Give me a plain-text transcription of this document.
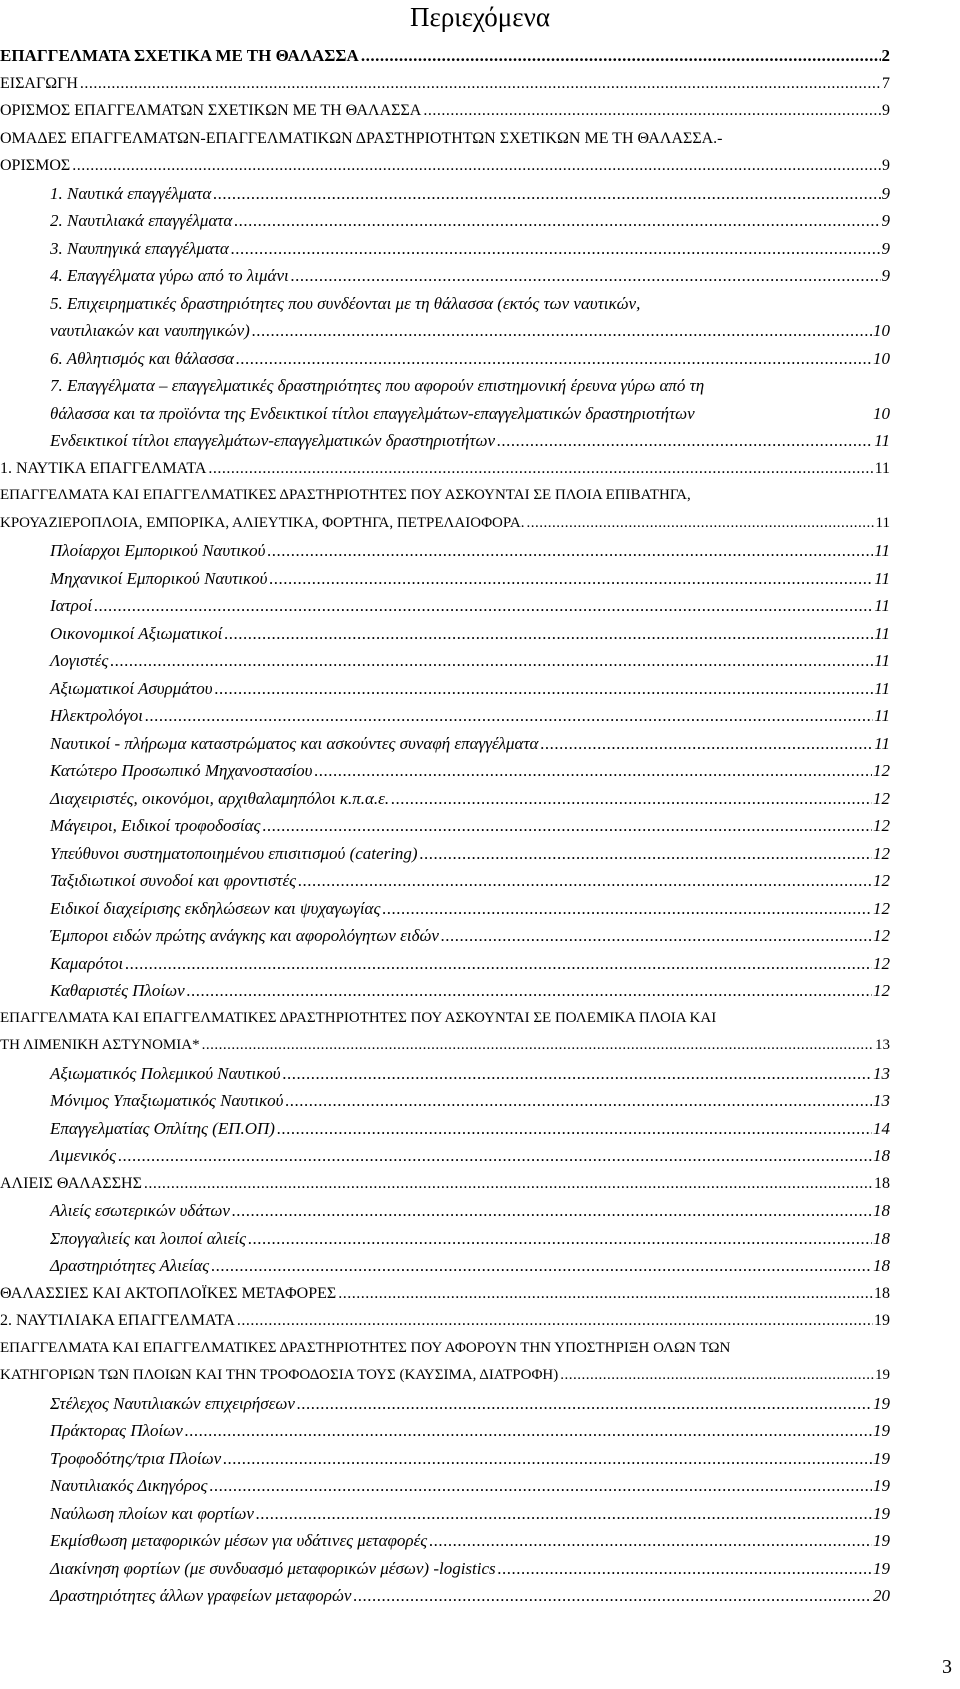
Περιεχόμενα
ΕΠΑΓΓΕΛΜΑΤΑ ΣΧΕΤΙΚΑ ΜΕ ΤΗ ΘΑΛΑΣΣΑ .....	2
ΕΙΣΑΓΩΓΗ .....	7
ΟΡΙΣΜΟΣ ΕΠΑΓΓΕΛΜΑΤΩΝ ΣΧΕΤΙΚΩΝ ΜΕ ΤΗ ΘΑΛΑΣΣΑ .....	9
ΟΜΑΔΕΣ ΕΠΑΓΓΕΛΜΑΤΩΝ-ΕΠΑΓΓΕΛΜΑΤΙΚΩΝ ΔΡΑΣΤΗΡΙΟΤΗΤΩΝ ΣΧΕΤΙΚΩΝ ΜΕ ΤΗ ΘΑΛΑΣΣΑ.-
ΟΡΙΣΜΟΣ .....	9
1. Ναυτικά επαγγέλματα .....	9
2. Ναυτιλιακά επαγγέλματα .....	9
3. Ναυπηγικά επαγγέλματα .....	9
4. Επαγγέλματα γύρω από το λιμάνι .....	9
5. Επιχειρηματικές δραστηριότητες που συνδέονται με τη θάλασσα (εκτός των ναυτικών,
ναυτιλιακών και ναυπηγικών) .....	10
6. Αθλητισμός και θάλασσα .....	10
7. Επαγγέλματα – επαγγελματικές δραστηριότητες που αφορούν επιστημονική έρευνα γύρω από τη
θάλασσα και τα προϊόντα της Ενδεικτικοί τίτλοι επαγγελμάτων-επαγγελματικών δραστηριοτήτων	10
Ενδεικτικοί τίτλοι επαγγελμάτων-επαγγελματικών δραστηριοτήτων .....	11
1. ΝΑΥΤΙΚΑ ΕΠΑΓΓΕΛΜΑΤΑ .....	11
ΕΠΑΓΓΕΛΜΑΤΑ ΚΑΙ ΕΠΑΓΓΕΛΜΑΤΙΚΕΣ ΔΡΑΣΤΗΡΙΟΤΗΤΕΣ ΠΟΥ ΑΣΚΟΥΝΤΑΙ ΣΕ ΠΛΟΙΑ ΕΠΙΒΑΤΗΓΑ,
ΚΡΟΥΑΖΙΕΡΟΠΛΟΙΑ, ΕΜΠΟΡΙΚΑ, ΑΛΙΕΥΤΙΚΑ, ΦΟΡΤΗΓΑ, ΠΕΤΡΕΛΑΙΟΦΟΡΑ. .....	11
Πλοίαρχοι Εμπορικού Ναυτικού .....	11
Μηχανικοί Εμπορικού Ναυτικού .....	11
Ιατροί .....	11
Οικονομικοί Αξιωματικοί .....	11
Λογιστές .....	11
Αξιωματικοί Ασυρμάτου .....	11
Ηλεκτρολόγοι .....	11
Ναυτικοί - πλήρωμα καταστρώματος και ασκούντες συναφή επαγγέλματα .....	11
Κατώτερο Προσωπικό Μηχανοστασίου .....	12
Διαχειριστές, οικονόμοι, αρχιθαλαμηπόλοι κ.π.α.ε. .....	12
Μάγειροι, Ειδικοί τροφοδοσίας .....	12
Υπεύθυνοι συστηματοποιημένου επισιτισμού (catering) .....	12
Ταξιδιωτικοί συνοδοί και φροντιστές .....	12
Ειδικοί διαχείρισης εκδηλώσεων και ψυχαγωγίας .....	12
Έμποροι ειδών πρώτης ανάγκης και αφορολόγητων ειδών .....	12
Καμαρότοι .....	12
Καθαριστές Πλοίων .....	12
ΕΠΑΓΓΕΛΜΑΤΑ ΚΑΙ ΕΠΑΓΓΕΛΜΑΤΙΚΕΣ ΔΡΑΣΤΗΡΙΟΤΗΤΕΣ ΠΟΥ ΑΣΚΟΥΝΤΑΙ ΣΕ ΠΟΛΕΜΙΚΑ ΠΛΟΙΑ ΚΑΙ
ΤΗ ΛΙΜΕΝΙΚΗ ΑΣΤΥΝΟΜΙΑ* .....	13
Αξιωματικός Πολεμικού Ναυτικού .....	13
Μόνιμος Υπαξιωματικός Ναυτικού .....	13
Επαγγελματίας Οπλίτης (ΕΠ.ΟΠ) .....	14
Λιμενικός .....	18
ΑΛΙΕΙΣ ΘΑΛΑΣΣΗΣ .....	18
Αλιείς εσωτερικών υδάτων .....	18
Σπογγαλιείς και λοιποί αλιείς .....	18
Δραστηριότητες Αλιείας .....	18
ΘΑΛΑΣΣΙΕΣ ΚΑΙ ΑΚΤΟΠΛΟΪΚΕΣ ΜΕΤΑΦΟΡΕΣ .....	18
2. ΝΑΥΤΙΛΙΑΚΑ ΕΠΑΓΓΕΛΜΑΤΑ .....	19
ΕΠΑΓΓΕΛΜΑΤΑ ΚΑΙ ΕΠΑΓΓΕΛΜΑΤΙΚΕΣ ΔΡΑΣΤΗΡΙΟΤΗΤΕΣ ΠΟΥ ΑΦΟΡΟΥΝ ΤΗΝ ΥΠΟΣΤΗΡΙΞΗ ΟΛΩΝ ΤΩΝ
ΚΑΤΗΓΟΡΙΩΝ ΤΩΝ ΠΛΟΙΩΝ ΚΑΙ ΤΗΝ ΤΡΟΦΟΔΟΣΙΑ ΤΟΥΣ (ΚΑΥΣΙΜΑ, ΔΙΑΤΡΟΦΗ) .....	19
Στέλεχος Ναυτιλιακών επιχειρήσεων .....	19
Πράκτορας Πλοίων .....	19
Τροφοδότης/τρια Πλοίων .....	19
Ναυτιλιακός Δικηγόρος .....	19
Ναύλωση πλοίων και φορτίων .....	19
Εκμίσθωση μεταφορικών μέσων για υδάτινες μεταφορές .....	19
Διακίνηση φορτίων (με συνδυασμό μεταφορικών μέσων) -logistics .....	19
Δραστηριότητες άλλων γραφείων μεταφορών .....	20
3
